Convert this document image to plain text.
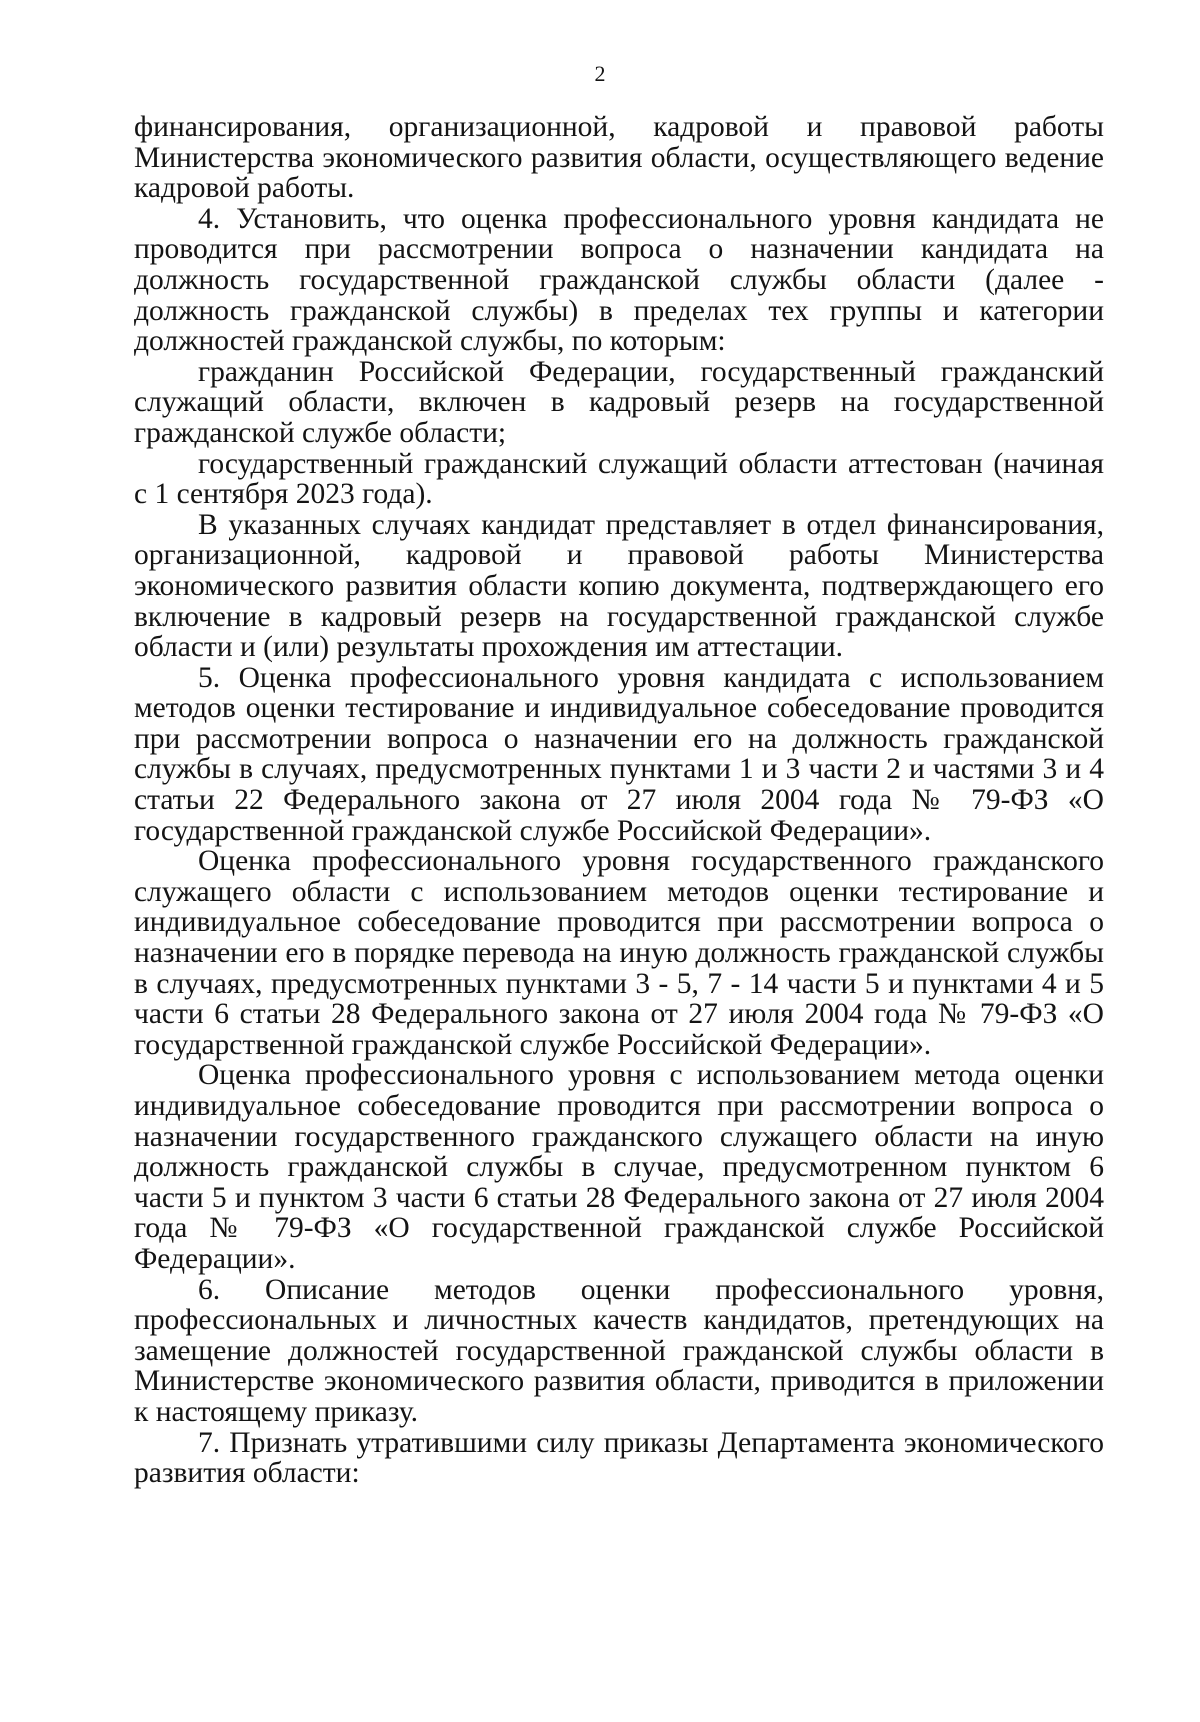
2

финансирования, организационной, кадровой и правовой работы Министерства экономического развития области, осуществляющего ведение кадровой работы.

4. Установить, что оценка профессионального уровня кандидата не проводится при рассмотрении вопроса о назначении кандидата на должность государственной гражданской службы области (далее - должность гражданской службы) в пределах тех группы и категории должностей гражданской службы, по которым:

гражданин Российской Федерации, государственный гражданский служащий области, включен в кадровый резерв на государственной гражданской службе области;

государственный гражданский служащий области аттестован (начиная с 1 сентября 2023 года).

В указанных случаях кандидат представляет в отдел финансирования, организационной, кадровой и правовой работы Министерства экономического развития области копию документа, подтверждающего его включение в кадровый резерв на государственной гражданской службе области и (или) результаты прохождения им аттестации.

5. Оценка профессионального уровня кандидата с использованием методов оценки тестирование и индивидуальное собеседование проводится при рассмотрении вопроса о назначении его на должность гражданской службы в случаях, предусмотренных пунктами 1 и 3 части 2 и частями 3 и 4 статьи 22 Федерального закона от 27 июля 2004 года № 79-ФЗ «О государственной гражданской службе Российской Федерации».

Оценка профессионального уровня государственного гражданского служащего области с использованием методов оценки тестирование и индивидуальное собеседование проводится при рассмотрении вопроса о назначении его в порядке перевода на иную должность гражданской службы в случаях, предусмотренных пунктами 3 - 5, 7 - 14 части 5 и пунктами 4 и 5 части 6 статьи 28 Федерального закона от 27 июля 2004 года № 79-ФЗ «О государственной гражданской службе Российской Федерации».

Оценка профессионального уровня с использованием метода оценки индивидуальное собеседование проводится при рассмотрении вопроса о назначении государственного гражданского служащего области на иную должность гражданской службы в случае, предусмотренном пунктом 6 части 5 и пунктом 3 части 6 статьи 28 Федерального закона от 27 июля 2004 года № 79-ФЗ «О государственной гражданской службе Российской Федерации».

6. Описание методов оценки профессионального уровня, профессиональных и личностных качеств кандидатов, претендующих на замещение должностей государственной гражданской службы области в Министерстве экономического развития области, приводится в приложении к настоящему приказу.

7. Признать утратившими силу приказы Департамента экономического развития области:
